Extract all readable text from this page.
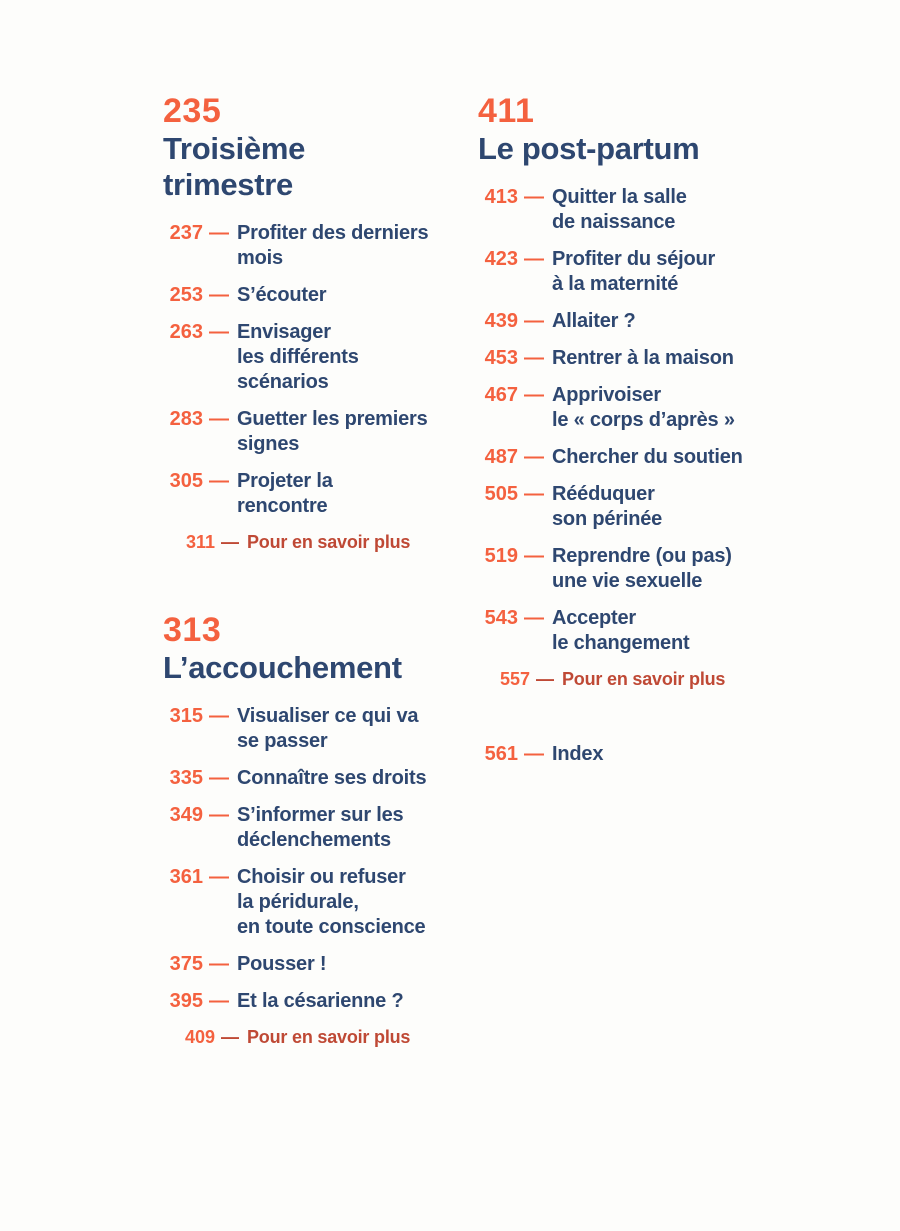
235
Troisième
trimestre
237 — Profiter des derniers
mois
253 — S’écouter
263 — Envisager
les différents
scénarios
283 — Guetter les premiers
signes
305 — Projeter la
rencontre
311 — Pour en savoir plus
313
L’accouchement
315 — Visualiser ce qui va
se passer
335 — Connaître ses droits
349 — S’informer sur les
déclenchements
361 — Choisir ou refuser
la péridurale,
en toute conscience
375 — Pousser !
395 — Et la césarienne ?
409 — Pour en savoir plus
411
Le post-partum
413 — Quitter la salle
de naissance
423 — Profiter du séjour
à la maternité
439 — Allaiter ?
453 — Rentrer à la maison
467 — Apprivoiser
le « corps d’après »
487 — Chercher du soutien
505 — Rééduquer
son périnée
519 — Reprendre (ou pas)
une vie sexuelle
543 — Accepter
le changement
557 — Pour en savoir plus
561 — Index
